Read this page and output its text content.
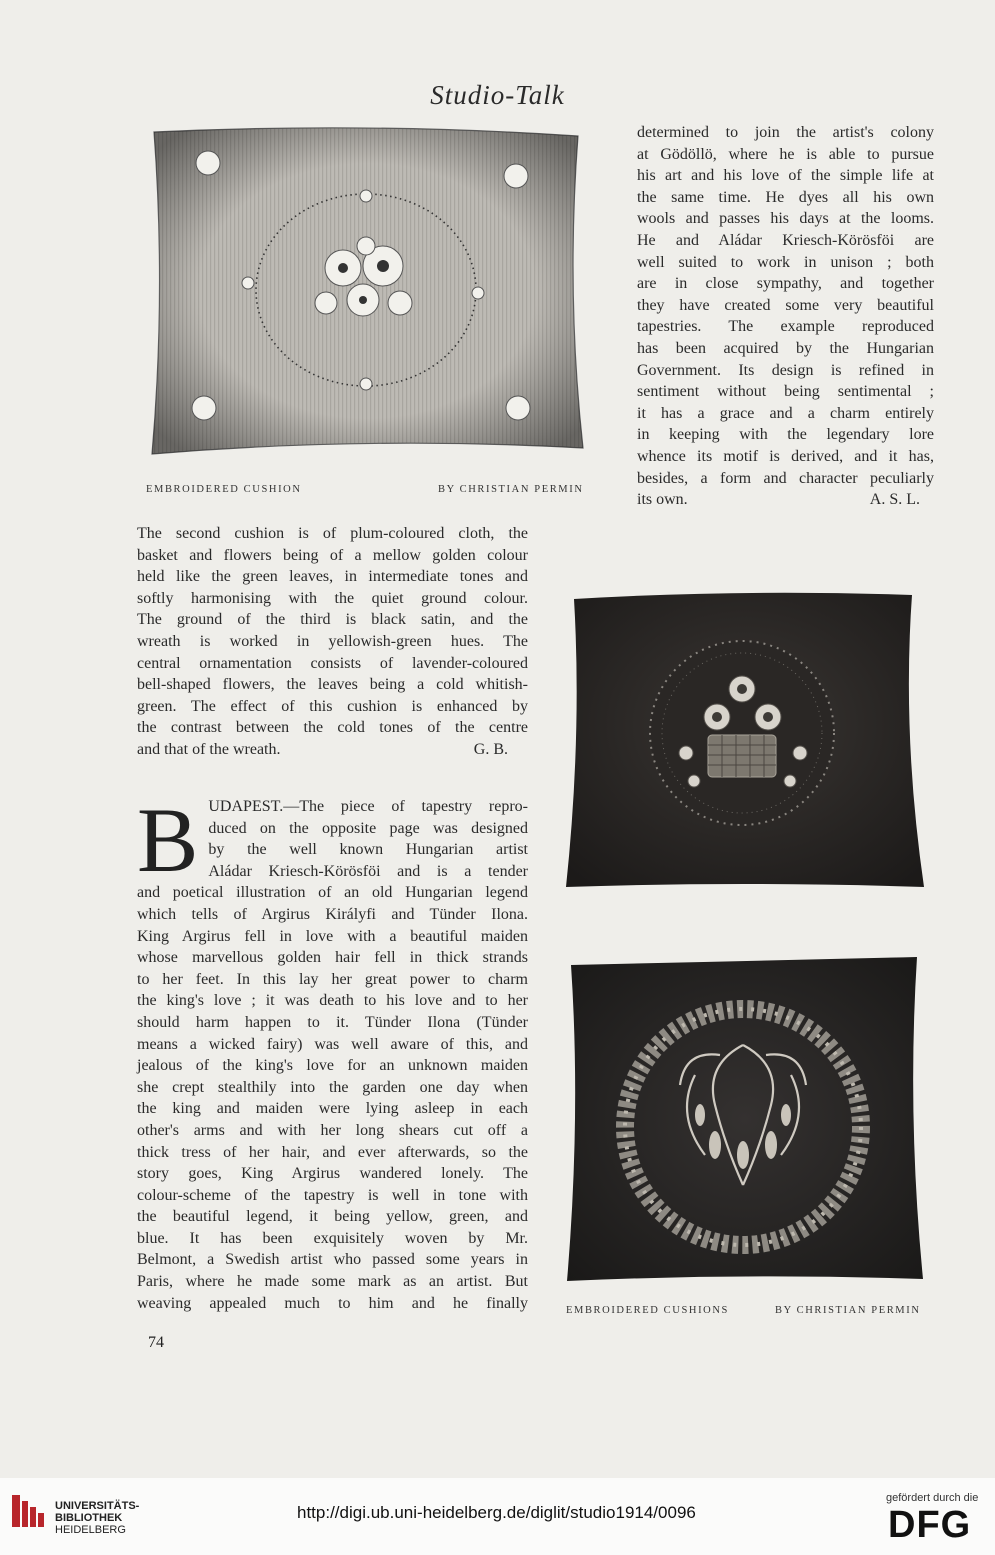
Studio-Talk
EMBROIDERED CUSHION	BY CHRISTIAN PERMIN
determined to join the artist's colony
at Gödöllö, where he is able to pursue
his art and his love of the simple life at
the same time. He dyes all his own
wools and passes his days at the looms.
He and Aládar Kriesch-Körösföi are
well suited to work in unison ; both
are in close sympathy, and together
they have created some very beautiful
tapestries. The example reproduced
has been acquired by the Hungarian
Government. Its design is refined in
sentiment without being sentimental ;
it has a grace and a charm entirely
in keeping with the legendary lore
whence its motif is derived, and it has,
besides, a form and character peculiarly
its own.	A. S. L.
The second cushion is of plum-coloured cloth, the
basket and flowers being of a mellow golden colour
held like the green leaves, in intermediate tones and
softly harmonising with the quiet ground colour.
The ground of the third is black satin, and the
wreath is worked in yellowish-green hues. The
central ornamentation consists of lavender-coloured
bell-shaped flowers, the leaves being a cold whitish-
green. The effect of this cushion is enhanced by
the contrast between the cold tones of the centre
and that of the wreath.	G. B.
B UDAPEST.—The piece of tapestry repro-
duced on the opposite page was designed
by the well known Hungarian artist
Aládar Kriesch-Körösföi and is a tender
and poetical illustration of an old Hungarian legend
which tells of Argirus Királyfi and Tünder Ilona.
King Argirus fell in love with a beautiful maiden
whose marvellous golden hair fell in thick strands
to her feet. In this lay her great power to charm
the king's love ; it was death to his love and to her
should harm happen to it. Tünder Ilona (Tünder
means a wicked fairy) was well aware of this, and
jealous of the king's love for an unknown maiden
she crept stealthily into the garden one day when
the king and maiden were lying asleep in each
other's arms and with her long shears cut off a
thick tress of her hair, and ever afterwards, so the
story goes, King Argirus wandered lonely. The
colour-scheme of the tapestry is well in tone with
the beautiful legend, it being yellow, green, and
blue. It has been exquisitely woven by Mr.
Belmont, a Swedish artist who passed some years in
Paris, where he made some mark as an artist. But
weaving appealed much to him and he finally
74
EMBROIDERED CUSHIONS	BY CHRISTIAN PERMIN
UNIVERSITÄTS-
BIBLIOTHEK
HEIDELBERG
http://digi.ub.uni-heidelberg.de/diglit/studio1914/0096
gefördert durch die
DFG
